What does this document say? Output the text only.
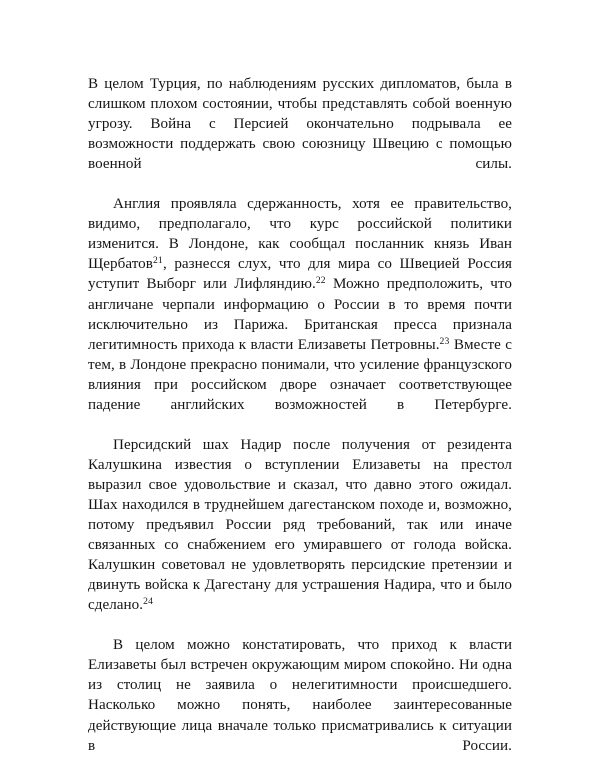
В целом Турция, по наблюдениям русских дипломатов, была в слишком плохом состоянии, чтобы представлять собой военную угрозу. Война с Персией окончательно подрывала ее возможности поддержать свою союзницу Швецию с помощью военной силы.

Англия проявляла сдержанность, хотя ее правительство, видимо, предполагало, что курс российской политики изменится. В Лондоне, как сообщал посланник князь Иван Щербатов$^{21}$, разнесся слух, что для мира со Швецией Россия уступит Выборг или Лифляндию.$^{22}$ Можно предположить, что англичане черпали информацию о России в то время почти исключительно из Парижа. Британская пресса признала легитимность прихода к власти Елизаветы Петровны.$^{23}$ Вместе с тем, в Лондоне прекрасно понимали, что усиление французского влияния при российском дворе означает соответствующее падение английских возможностей в Петербурге.

Персидский шах Надир после получения от резидента Калушкина известия о вступлении Елизаветы на престол выразил свое удовольствие и сказал, что давно этого ожидал. Шах находился в труднейшем дагестанском походе и, возможно, потому предъявил России ряд требований, так или иначе связанных со снабжением его умиравшего от голода войска. Калушкин советовал не удовлетворять персидские претензии и двинуть войска к Дагестану для устрашения Надира, что и было сделано.$^{24}$

В целом можно констатировать, что приход к власти Елизаветы был встречен окружающим миром спокойно. Ни одна из столиц не заявила о нелегитимности происшедшего. Насколько можно понять, наиболее заинтересованные действующие лица вначале только присматривались к ситуации в России.
